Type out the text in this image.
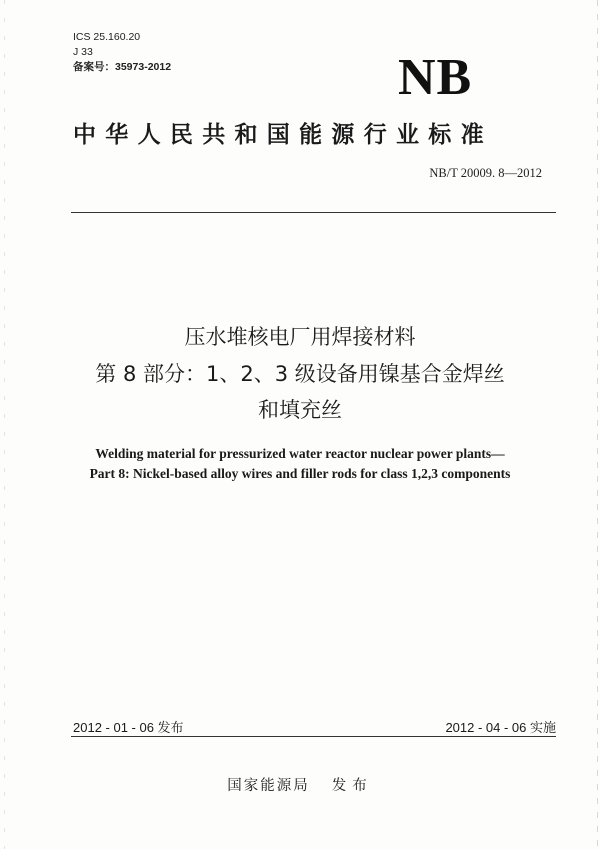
ICS 25.160.20
J 33
备案号：35973-2012	NB
中华人民共和国能源行业标准
NB/T 20009. 8—2012
压水堆核电厂用焊接材料
第 8 部分：1、2、3 级设备用镍基合金焊丝
和填充丝
Welding material for pressurized water reactor nuclear power plants—
Part 8: Nickel-based alloy wires and filler rods for class 1,2,3 components
2012 - 01 - 06 发布	2012 - 04 - 06 实施
国家能源局 发布
